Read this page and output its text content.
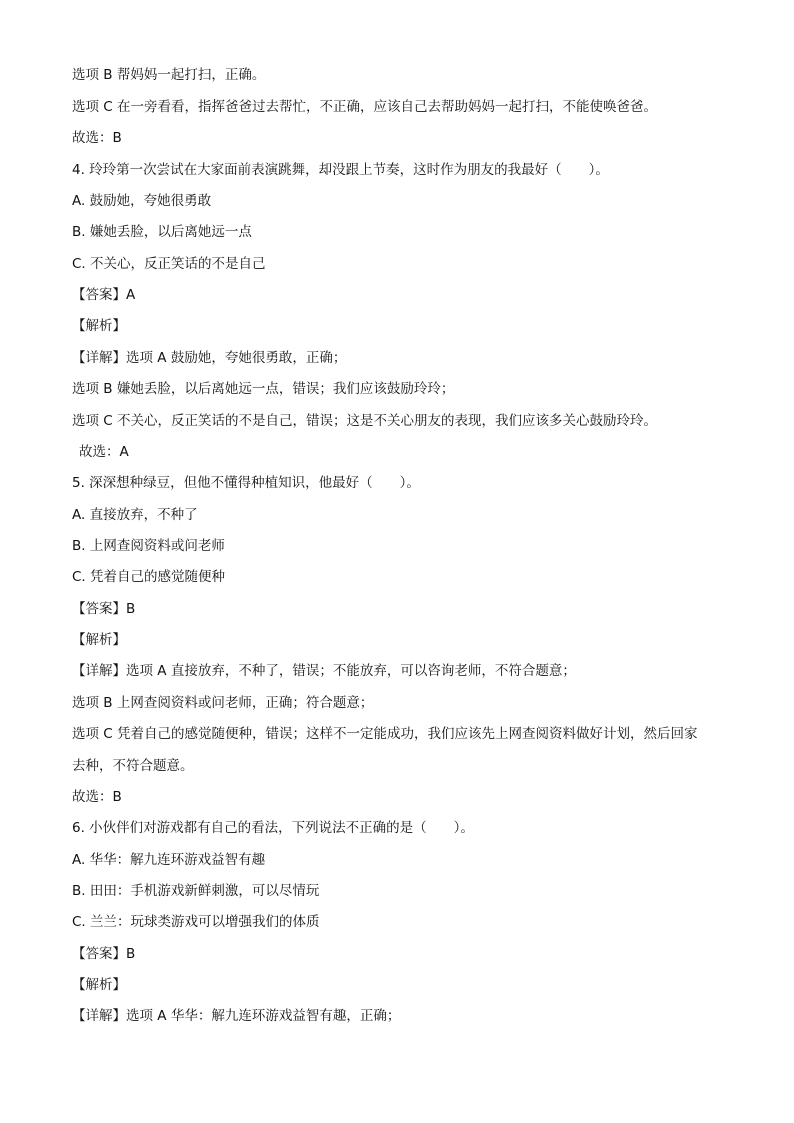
选项 B 帮妈妈一起打扫，正确。
选项 C 在一旁看看，指挥爸爸过去帮忙，不正确，应该自己去帮助妈妈一起打扫，不能使唤爸爸。
故选：B
4. 玲玲第一次尝试在大家面前表演跳舞，却没跟上节奏，这时作为朋友的我最好（　　）。
A. 鼓励她，夸她很勇敢
B. 嫌她丢脸，以后离她远一点
C. 不关心，反正笑话的不是自己
【答案】A
【解析】
【详解】选项 A 鼓励她，夸她很勇敢，正确；
选项 B 嫌她丢脸，以后离她远一点，错误；我们应该鼓励玲玲；
选项 C 不关心，反正笑话的不是自己，错误；这是不关心朋友的表现，我们应该多关心鼓励玲玲。
故选：A
5. 深深想种绿豆，但他不懂得种植知识，他最好（　　）。
A. 直接放弃，不种了
B. 上网查阅资料或问老师
C. 凭着自己的感觉随便种
【答案】B
【解析】
【详解】选项 A 直接放弃，不种了，错误；不能放弃，可以咨询老师，不符合题意；
选项 B 上网查阅资料或问老师，正确；符合题意；
选项 C 凭着自己的感觉随便种，错误；这样不一定能成功，我们应该先上网查阅资料做好计划，然后回家
去种，不符合题意。
故选：B
6. 小伙伴们对游戏都有自己的看法，下列说法不正确的是（　　）。
A. 华华：解九连环游戏益智有趣
B. 田田：手机游戏新鲜刺激，可以尽情玩
C. 兰兰：玩球类游戏可以增强我们的体质
【答案】B
【解析】
【详解】选项 A 华华：解九连环游戏益智有趣，正确；
